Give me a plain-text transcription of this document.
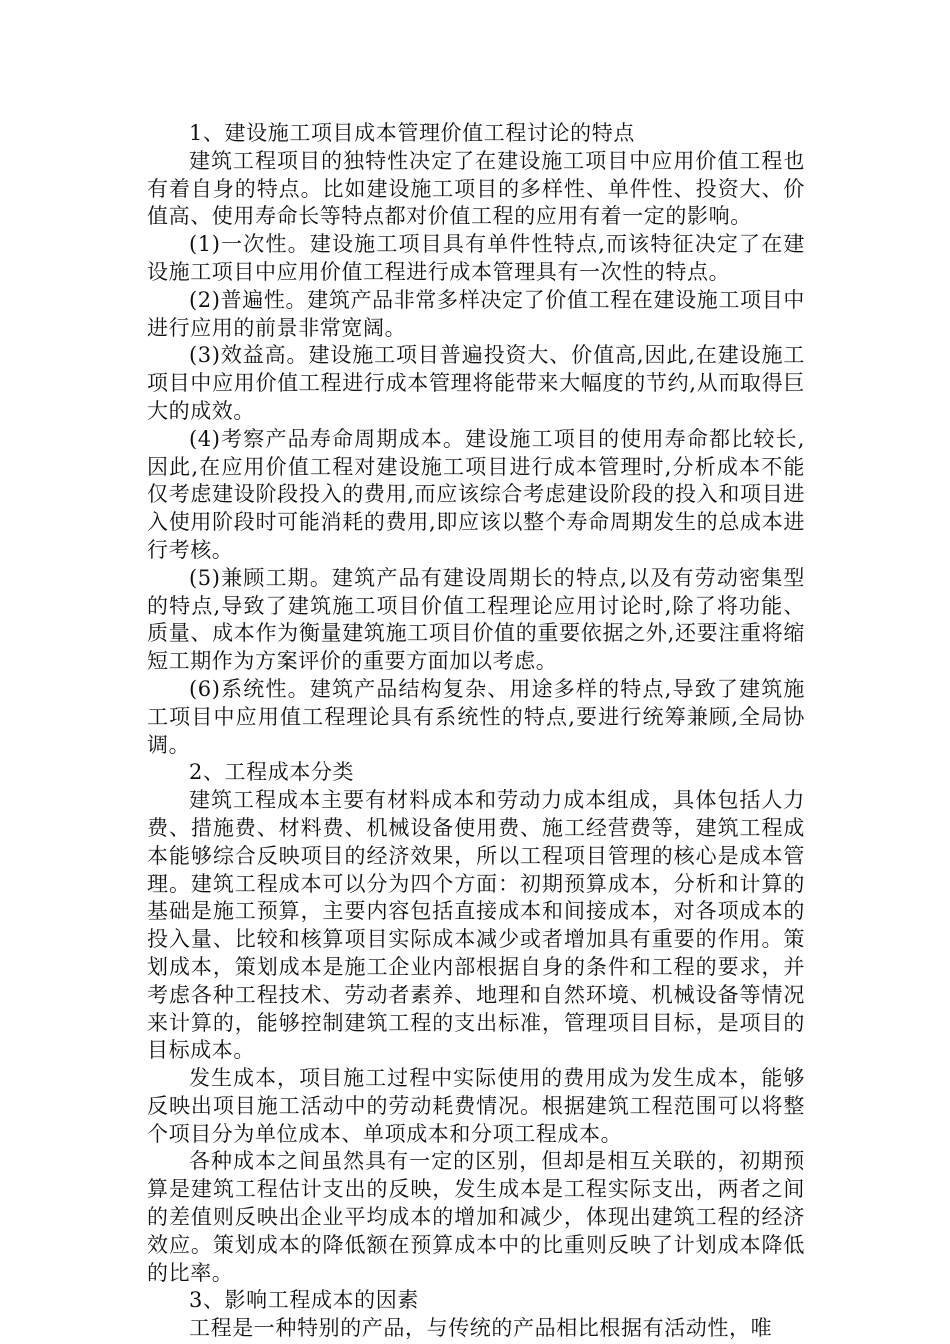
1、建设施工项目成本管理价值工程讨论的特点

建筑工程项目的独特性决定了在建设施工项目中应用价值工程也有着自身的特点。比如建设施工项目的多样性、单件性、投资大、价值高、使用寿命长等特点都对价值工程的应用有着一定的影响。

(1)一次性。建设施工项目具有单件性特点,而该特征决定了在建设施工项目中应用价值工程进行成本管理具有一次性的特点。

(2)普遍性。建筑产品非常多样决定了价值工程在建设施工项目中进行应用的前景非常宽阔。

(3)效益高。建设施工项目普遍投资大、价值高,因此,在建设施工项目中应用价值工程进行成本管理将能带来大幅度的节约,从而取得巨大的成效。

(4)考察产品寿命周期成本。建设施工项目的使用寿命都比较长,因此,在应用价值工程对建设施工项目进行成本管理时,分析成本不能仅考虑建设阶段投入的费用,而应该综合考虑建设阶段的投入和项目进入使用阶段时可能消耗的费用,即应该以整个寿命周期发生的总成本进行考核。

(5)兼顾工期。建筑产品有建设周期长的特点,以及有劳动密集型的特点,导致了建筑施工项目价值工程理论应用讨论时,除了将功能、质量、成本作为衡量建筑施工项目价值的重要依据之外,还要注重将缩短工期作为方案评价的重要方面加以考虑。

(6)系统性。建筑产品结构复杂、用途多样的特点,导致了建筑施工项目中应用值工程理论具有系统性的特点,要进行统筹兼顾,全局协调。

2、工程成本分类

建筑工程成本主要有材料成本和劳动力成本组成，具体包括人力费、措施费、材料费、机械设备使用费、施工经营费等，建筑工程成本能够综合反映项目的经济效果，所以工程项目管理的核心是成本管理。建筑工程成本可以分为四个方面：初期预算成本，分析和计算的基础是施工预算，主要内容包括直接成本和间接成本，对各项成本的投入量、比较和核算项目实际成本减少或者增加具有重要的作用。策划成本，策划成本是施工企业内部根据自身的条件和工程的要求，并考虑各种工程技术、劳动者素养、地理和自然环境、机械设备等情况来计算的，能够控制建筑工程的支出标准，管理项目目标，是项目的目标成本。

发生成本，项目施工过程中实际使用的费用成为发生成本，能够反映出项目施工活动中的劳动耗费情况。根据建筑工程范围可以将整个项目分为单位成本、单项成本和分项工程成本。

各种成本之间虽然具有一定的区别，但却是相互关联的，初期预算是建筑工程估计支出的反映，发生成本是工程实际支出，两者之间的差值则反映出企业平均成本的增加和减少，体现出建筑工程的经济效应。策划成本的降低额在预算成本中的比重则反映了计划成本降低的比率。

3、影响工程成本的因素

工程是一种特别的产品，与传统的产品相比根据有活动性，唯
